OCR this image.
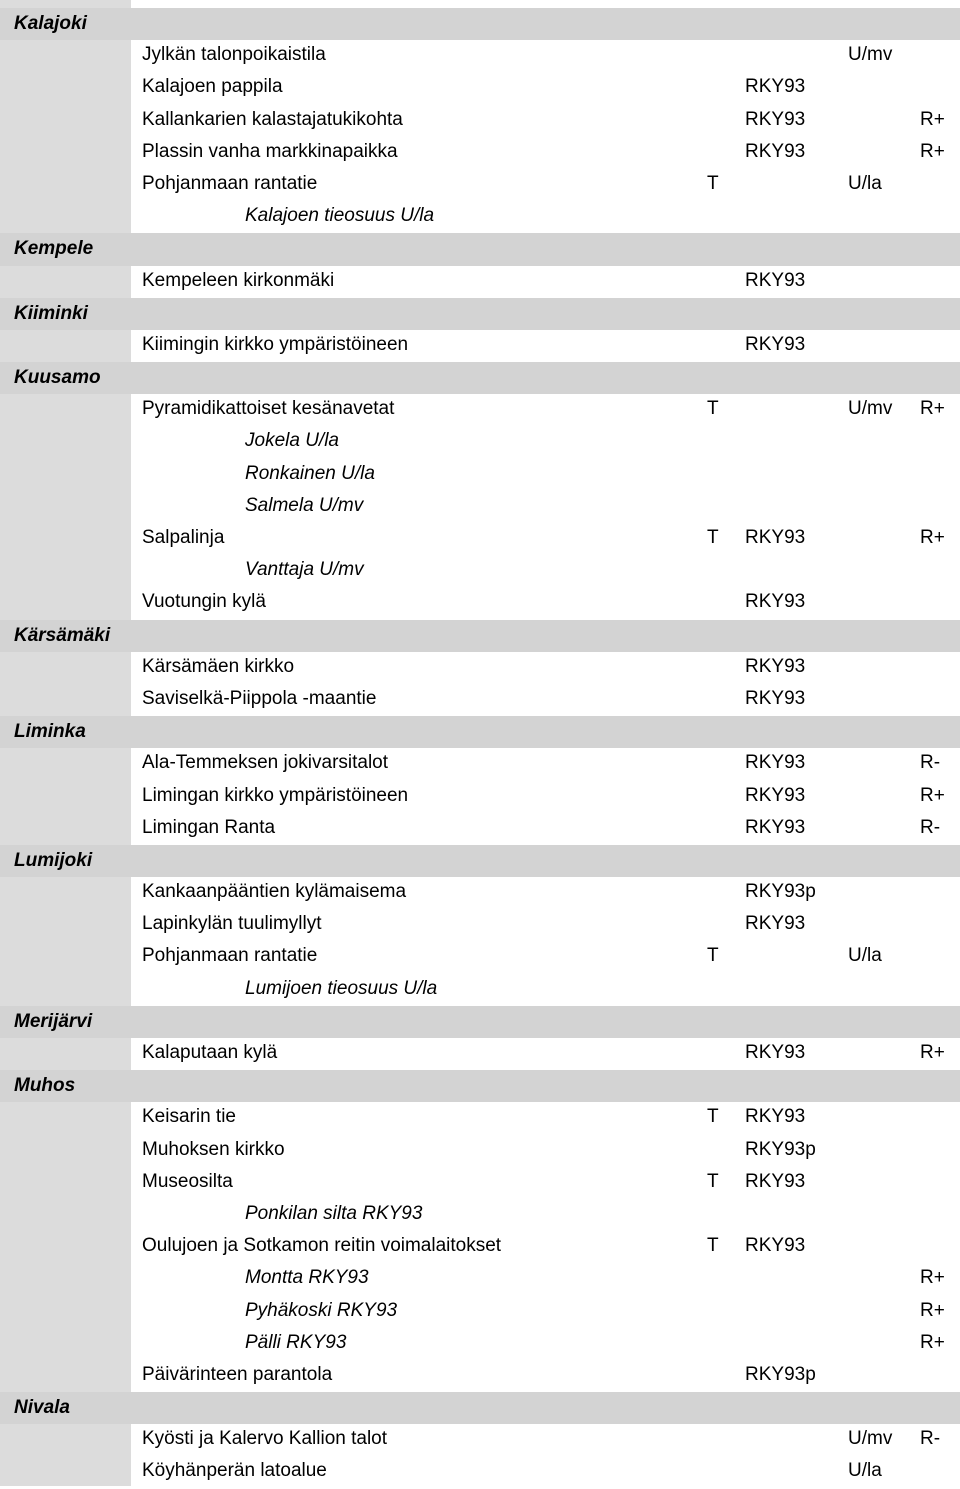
Kalajoki
Jylkän talonpoikaistila	U/mv
Kalajoen pappila	RKY93
Kallankarien kalastajatukikohta	RKY93	R+
Plassin vanha markkinapaikka	RKY93	R+
Pohjanmaan rantatie	T	U/la
Kalajoen tieosuus U/la
Kempele
Kempeleen kirkonmäki	RKY93
Kiiminki
Kiimingin kirkko ympäristöineen	RKY93
Kuusamo
Pyramidikattoiset kesänavetat	T	U/mv R+
Jokela U/la
Ronkainen U/la
Salmela U/mv
Salpalinja	T RKY93	R+
Vanttaja U/mv
Vuotungin kylä	RKY93
Kärsämäki
Kärsämäen kirkko	RKY93
Saviselkä-Piippola -maantie	RKY93
Liminka
Ala-Temmeksen jokivarsitalot	RKY93	R-
Limingan kirkko ympäristöineen	RKY93	R+
Limingan Ranta	RKY93	R-
Lumijoki
Kankaanpääntien kylämaisema	RKY93p
Lapinkylän tuulimyllyt	RKY93
Pohjanmaan rantatie	T	U/la
Lumijoen tieosuus U/la
Merijärvi
Kalaputaan kylä	RKY93	R+
Muhos
Keisarin tie	T RKY93
Muhoksen kirkko	RKY93p
Museosilta	T RKY93
Ponkilan silta RKY93
Oulujoen ja Sotkamon reitin voimalaitokset	T RKY93
Montta RKY93	R+
Pyhäkoski RKY93	R+
Pälli RKY93	R+
Päivärinteen parantola	RKY93p
Nivala
Kyösti ja Kalervo Kallion talot	U/mv R-
Köyhänperän latoalue	U/la
